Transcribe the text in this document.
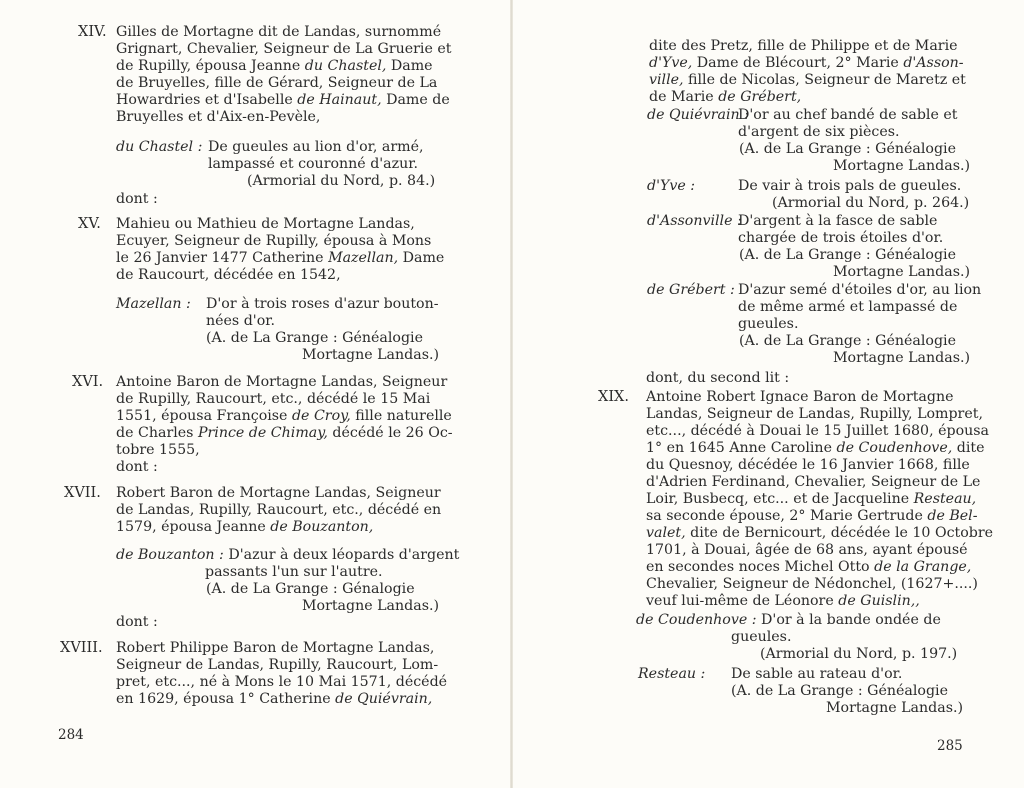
XIV. Gilles de Mortagne dit de Landas, surnommé

Grignart, Chevalier, Seigneur de La Gruerie et

de Rupilly, épousa Jeanne du Chastel, Dame

de Bruyelles, fille de Gérard, Seigneur de La

Howardries et d'Isabelle de Hainaut, Dame de

Bruyelles et d'Aix-en-Pevèle,

du Chastel : De gueules au lion d'or, armé,

lampassé et couronné d'azur.

(Armorial du Nord, p. 84.)

dont :

XV. Mahieu ou Mathieu de Mortagne Landas,

Ecuyer, Seigneur de Rupilly, épousa à Mons

le 26 Janvier 1477 Catherine Mazellan, Dame

de Raucourt, décédée en 1542,

Mazellan : D'or à trois roses d'azur bouton-

nées d'or.

(A. de La Grange : Généalogie

Mortagne Landas.)

XVI. Antoine Baron de Mortagne Landas, Seigneur

de Rupilly, Raucourt, etc., décédé le 15 Mai

1551, épousa Françoise de Croy, fille naturelle

de Charles Prince de Chimay, décédé le 26 Oc-

tobre 1555,

dont :

XVII. Robert Baron de Mortagne Landas, Seigneur

de Landas, Rupilly, Raucourt, etc., décédé en

1579, épousa Jeanne de Bouzanton,

de Bouzanton : D'azur à deux léopards d'argent

passants l'un sur l'autre.

(A. de La Grange : Génalogie

Mortagne Landas.)

dont :

XVIII. Robert Philippe Baron de Mortagne Landas,

Seigneur de Landas, Rupilly, Raucourt, Lom-

pret, etc..., né à Mons le 10 Mai 1571, décédé

en 1629, épousa 1° Catherine de Quiévrain,

284

dite des Pretz, fille de Philippe et de Marie

d'Yve, Dame de Blécourt, 2° Marie d'Asson-

ville, fille de Nicolas, Seigneur de Maretz et

de Marie de Grébert,

de Quiévrain :

D'or au chef bandé de sable et

d'argent de six pièces.

(A. de La Grange : Généalogie

Mortagne Landas.)

d'Yve :	De vair à trois pals de gueules.

(Armorial du Nord, p. 264.)

d'Assonville :

D'argent à la fasce de sable

chargée de trois étoiles d'or.

(A. de La Grange : Généalogie

Mortagne Landas.)

de Grébert : D'azur semé d'étoiles d'or, au lion

de même armé et lampassé de

gueules.

(A. de La Grange : Généalogie

Mortagne Landas.)

dont, du second lit :

XIX. Antoine Robert Ignace Baron de Mortagne

Landas, Seigneur de Landas, Rupilly, Lompret,

etc..., décédé à Douai le 15 Juillet 1680, épousa

1° en 1645 Anne Caroline de Coudenhove, dite

du Quesnoy, décédée le 16 Janvier 1668, fille

d'Adrien Ferdinand, Chevalier, Seigneur de Le

Loir, Busbecq, etc... et de Jacqueline Resteau,

sa seconde épouse, 2° Marie Gertrude de Bel-

valet, dite de Bernicourt, décédée le 10 Octobre

1701, à Douai, âgée de 68 ans, ayant épousé

en secondes noces Michel Otto de la Grange,

Chevalier, Seigneur de Nédonchel, (1627+....)

veuf lui-même de Léonore de Guislin,,

de Coudenhove : D'or à la bande ondée de

gueules.

(Armorial du Nord, p. 197.)

Resteau : De sable au rateau d'or.

(A. de La Grange : Généalogie

Mortagne Landas.)

285
